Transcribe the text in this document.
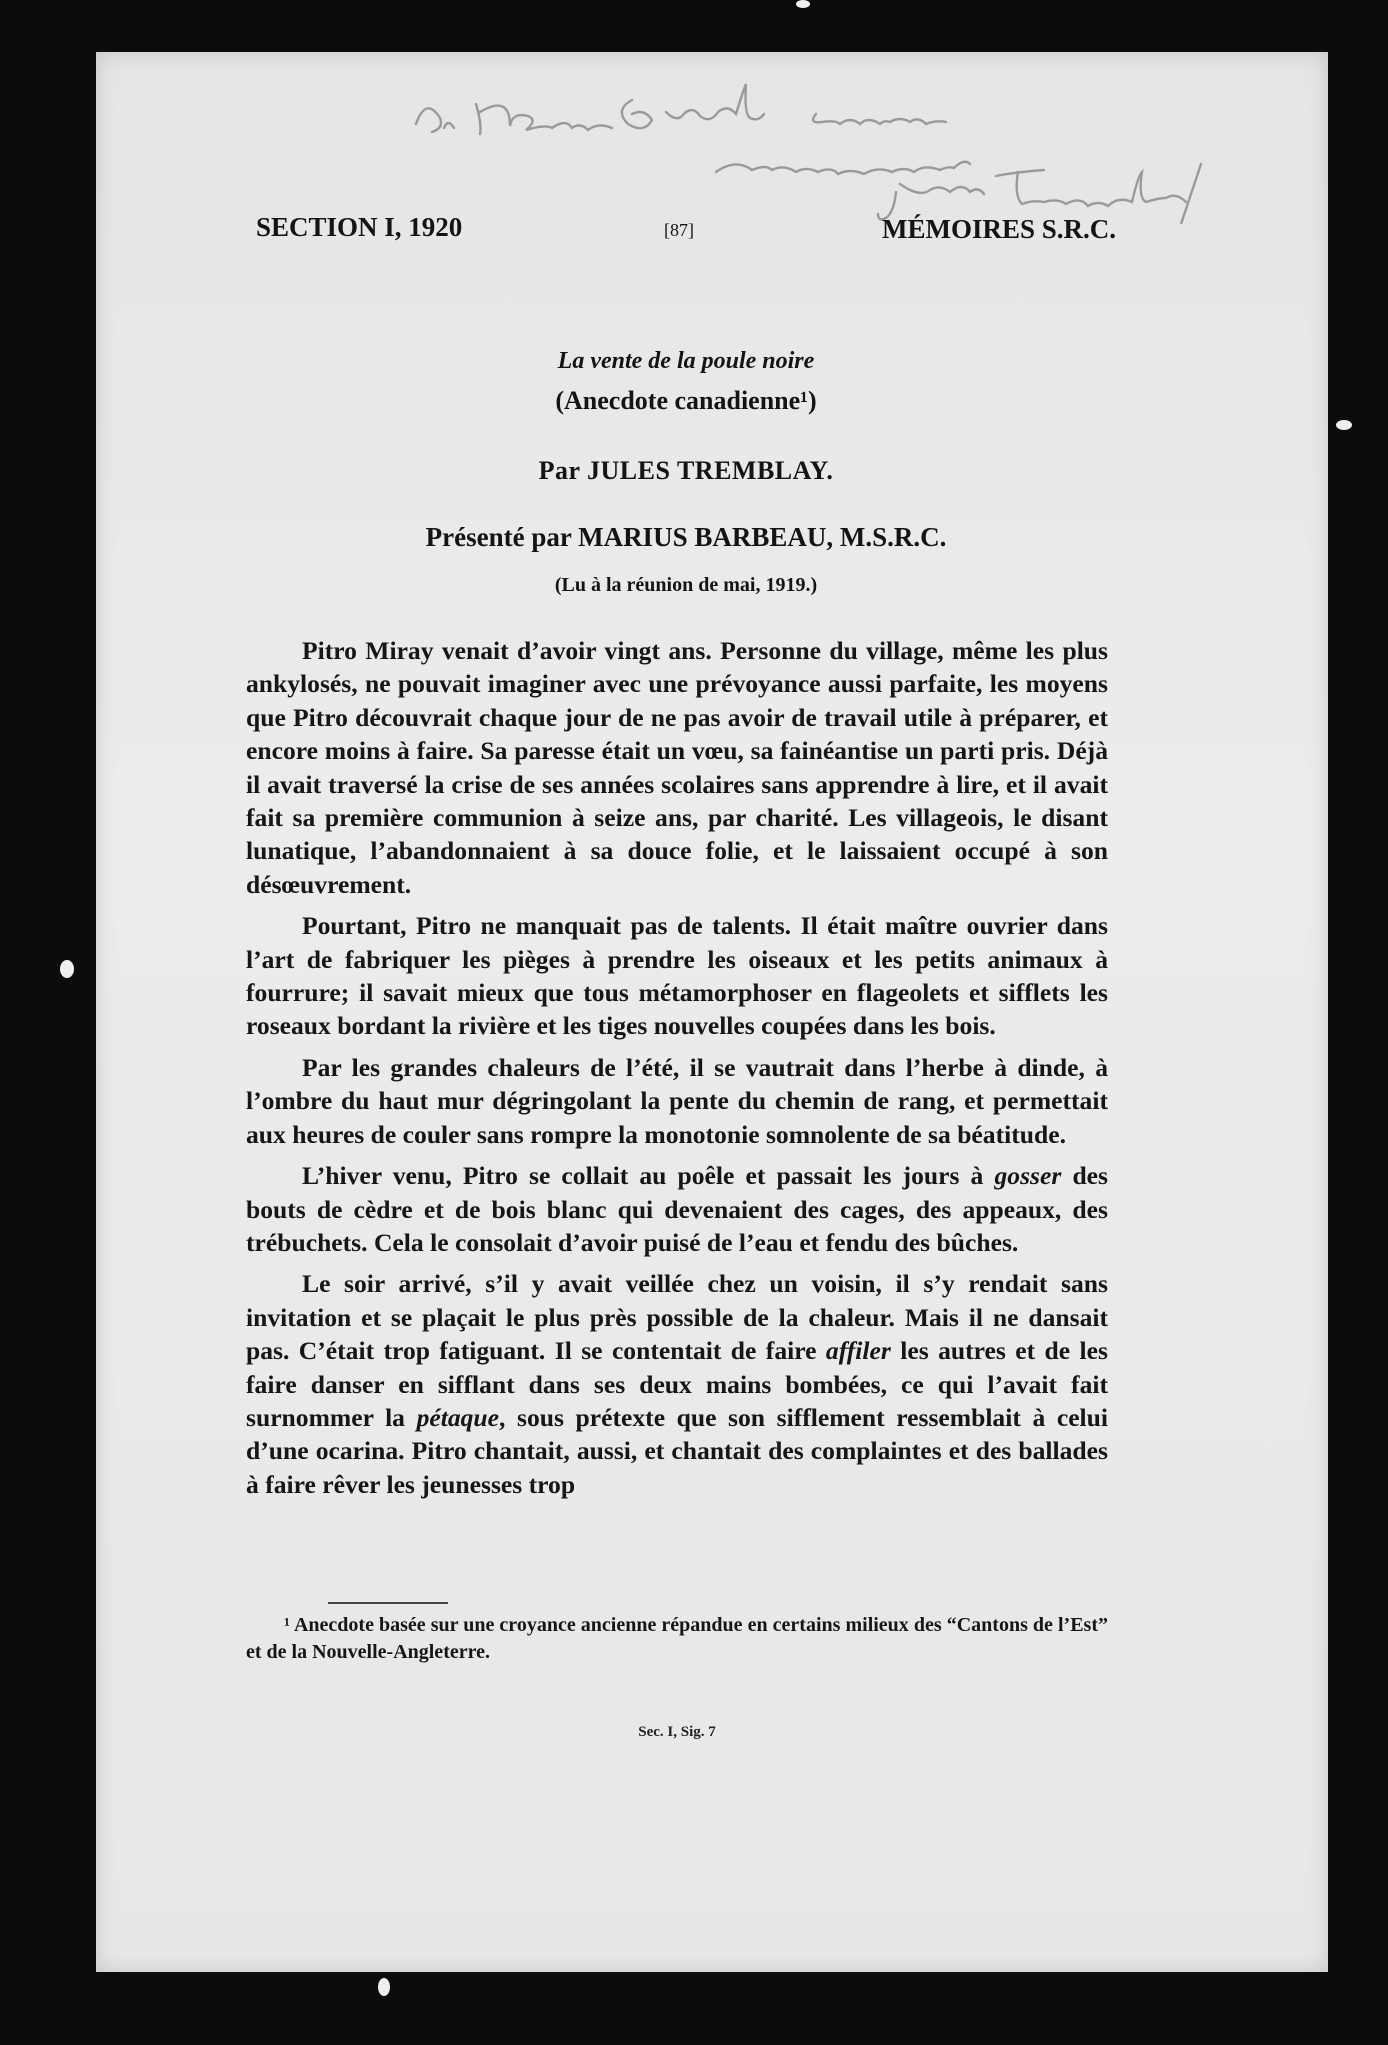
SECTION I, 1920	[87]	MÉMOIRES S.R.C.
La vente de la poule noire
(Anecdote canadienne¹)
Par JULES TREMBLAY.
Présenté par MARIUS BARBEAU, M.S.R.C.
(Lu à la réunion de mai, 1919.)

Pitro Miray venait d’avoir vingt ans. Personne du village, même les plus ankylosés, ne pouvait imaginer avec une prévoyance aussi parfaite, les moyens que Pitro découvrait chaque jour de ne pas avoir de travail utile à préparer, et encore moins à faire. Sa paresse était un vœu, sa fainéantise un parti pris. Déjà il avait traversé la crise de ses années scolaires sans apprendre à lire, et il avait fait sa première communion à seize ans, par charité. Les villageois, le disant lunatique, l’abandonnaient à sa douce folie, et le laissaient occupé à son désœuvrement.

Pourtant, Pitro ne manquait pas de talents. Il était maître ouvrier dans l’art de fabriquer les pièges à prendre les oiseaux et les petits animaux à fourrure; il savait mieux que tous métamorphoser en flageolets et sifflets les roseaux bordant la rivière et les tiges nouvelles coupées dans les bois.

Par les grandes chaleurs de l’été, il se vautrait dans l’herbe à dinde, à l’ombre du haut mur dégringolant la pente du chemin de rang, et permettait aux heures de couler sans rompre la monotonie somnolente de sa béatitude.

L’hiver venu, Pitro se collait au poêle et passait les jours à gosser des bouts de cèdre et de bois blanc qui devenaient des cages, des appeaux, des trébuchets. Cela le consolait d’avoir puisé de l’eau et fendu des bûches.

Le soir arrivé, s’il y avait veillée chez un voisin, il s’y rendait sans invitation et se plaçait le plus près possible de la chaleur. Mais il ne dansait pas. C’était trop fatiguant. Il se contentait de faire affiler les autres et de les faire danser en sifflant dans ses deux mains bombées, ce qui l’avait fait surnommer la pétaque, sous prétexte que son sifflement ressemblait à celui d’une ocarina. Pitro chantait, aussi, et chantait des complaintes et des ballades à faire rêver les jeunesses trop

¹ Anecdote basée sur une croyance ancienne répandue en certains milieux des “Cantons de l’Est” et de la Nouvelle-Angleterre.
Sec. I, Sig. 7
